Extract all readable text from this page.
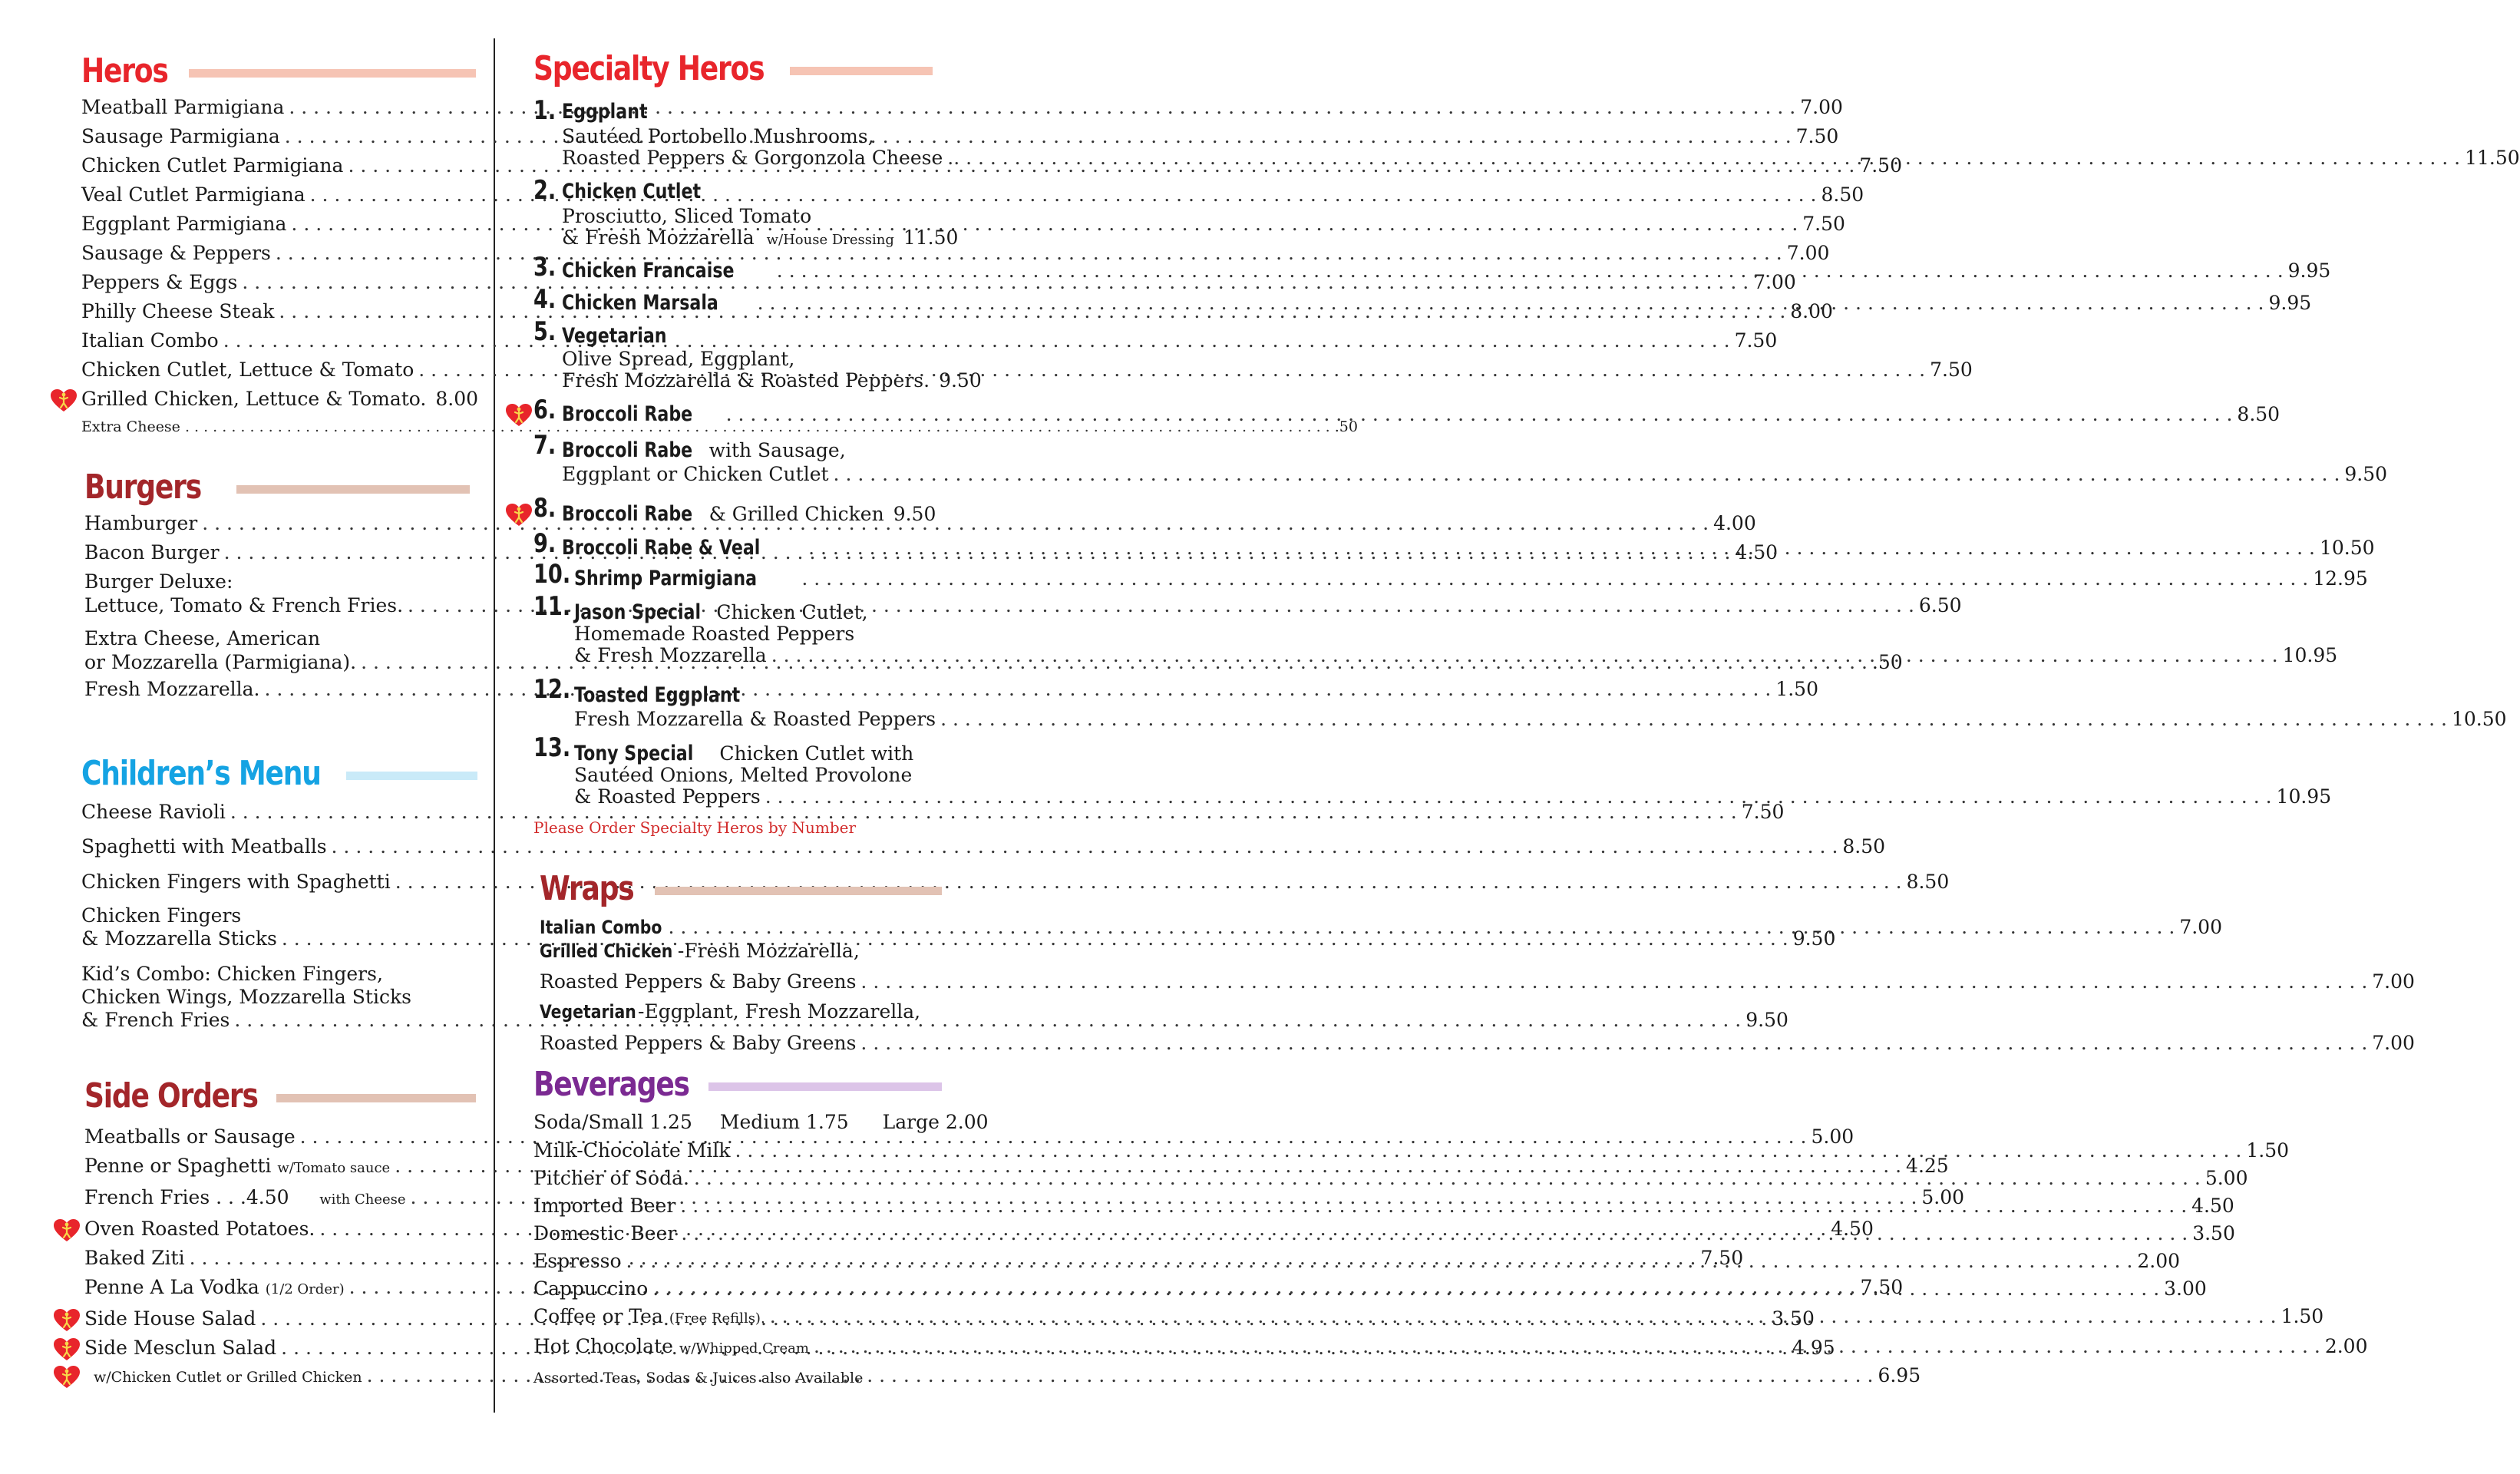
Heros
Meatball Parmigiana . . .	7.00
Sausage Parmigiana . . .	7.50
Chicken Cutlet Parmigiana . . .	7.50
Veal Cutlet Parmigiana . . .	8.50
Eggplant Parmigiana . . .	7.50
Sausage & Peppers . . .	7.00
Peppers & Eggs . . .	7.00
Philly Cheese Steak . . .	8.00
Italian Combo . . .	7.50
Chicken Cutlet, Lettuce & Tomato . . .	7.50
Grilled Chicken, Lettuce & Tomato. 8.00
Extra Cheese . . .	.50
Burgers
Hamburger . . .	4.00
Bacon Burger . . .	4.50
Burger Deluxe:
Lettuce, Tomato & French Fries. . . .	6.50
Extra Cheese, American
or Mozzarella (Parmigiana). . . .	.50
Fresh Mozzarella. . . .	1.50
Children’s Menu
Cheese Ravioli . . .	7.50
Spaghetti with Meatballs . . .	8.50
Chicken Fingers with Spaghetti . . .	8.50
Chicken Fingers
& Mozzarella Sticks . . .	9.50
Kid’s Combo: Chicken Fingers,
Chicken Wings, Mozzarella Sticks
& French Fries . . .	9.50
Side Orders
Meatballs or Sausage . . .	5.00
Penne or Spaghetti
w/Tomato sauce . . .	4.25
French Fries . . .4.50
with Cheese . . .	5.00
Oven Roasted Potatoes. . . .	4.50
Baked Ziti . . .	7.50
Penne A La Vodka
(1/2 Order) . . .	7.50
Side House Salad . . .	3.50
Side Mesclun Salad . . .	4.95
w/Chicken Cutlet or Grilled Chicken . . .	6.95
Specialty Heros
1. Eggplant
Sautéed Portobello Mushrooms,
Roasted Peppers & Gorgonzola Cheese . . . .	11.50
2. Chicken Cutlet
Prosciutto, Sliced Tomato
& Fresh Mozzarella
w/House Dressing 11.50
3. Chicken Francaise . . .	9.95
4. Chicken Marsala . . .	9.95
5. Vegetarian
Olive Spread, Eggplant,
Fresh Mozzarella & Roasted Peppers. 9.50
6. Broccoli Rabe . . .	8.50
7. Broccoli Rabe with Sausage,
Eggplant or Chicken Cutlet . . .	9.50
8. Broccoli Rabe & Grilled Chicken 9.50
9. Broccoli Rabe & Veal . . .	10.50
10. Shrimp Parmigiana . . .	12.95
11. Jason Special Chicken Cutlet,
Homemade Roasted Peppers
& Fresh Mozzarella . . .	10.95
12. Toasted Eggplant
Fresh Mozzarella & Roasted Peppers . . .	10.50
13. Tony Special Chicken Cutlet with
Sautéed Onions, Melted Provolone
& Roasted Peppers . . .	10.95
Please Order Specialty Heros by Number
Wraps
Italian Combo . . .	7.00
Grilled Chicken -Fresh Mozzarella,
Roasted Peppers & Baby Greens . . .	7.00
Vegetarian-Eggplant, Fresh Mozzarella,
Roasted Peppers & Baby Greens . . .	7.00
Beverages
Soda/Small 1.25 Medium 1.75 Large 2.00
Milk-Chocolate Milk . . .	1.50
Pitcher of Soda. . . .	5.00
Imported Beer . . .	4.50
Domestic Beer . . .	3.50
Espresso . . .	2.00
Cappuccino . . .	3.00
Coffee or Tea
(Free Refills). . . .	1.50
Hot Chocolate
w/Whipped Cream . . .	2.00
Assorted Teas, Sodas & Juices also Available
